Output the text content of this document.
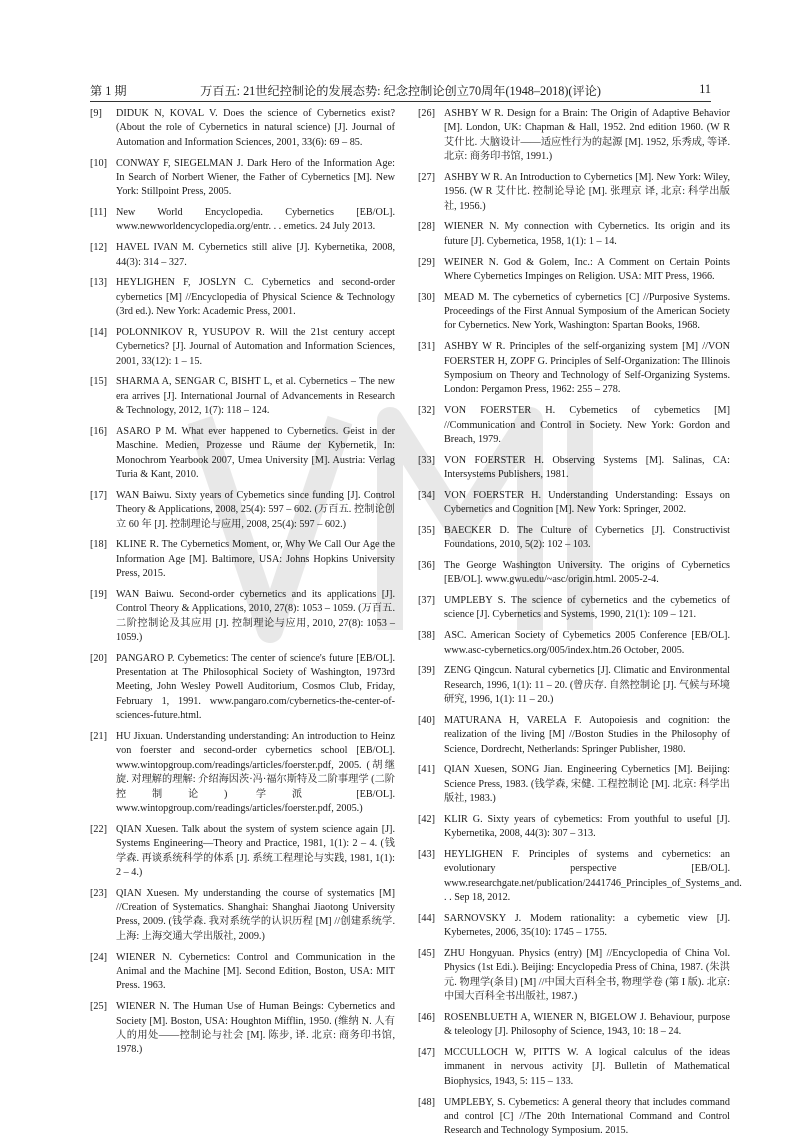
第 1 期	万百五: 21世纪控制论的发展态势: 纪念控制论创立70周年(1948–2018)(评论)	11
[9]	DIDUK N, KOVAL V. Does the science of Cybernetics exist? (About the role of Cybernetics in natural science) [J]. Journal of Automation and Information Sciences, 2001, 33(6): 69 – 85.
[10] CONWAY F, SIEGELMAN J. Dark Hero of the Information Age: In Search of Norbert Wiener, the Father of Cybernetics [M]. New York: Stillpoint Press, 2005.
[11] New World Encyclopedia. Cybernetics [EB/OL]. www.newworldencyclopedia.org/entr. . . emetics. 24 July 2013.
[12] HAVEL IVAN M. Cybernetics still alive [J]. Kybernetika, 2008, 44(3): 314 – 327.
[13] HEYLIGHEN F, JOSLYN C. Cybernetics and second-order cybernetics [M] //Encyclopedia of Physical Science & Technology (3rd ed.). New York: Academic Press, 2001.
[14] POLONNIKOV R, YUSUPOV R. Will the 21st century accept Cybernetics? [J]. Journal of Automation and Information Sciences, 2001, 33(12): 1 – 15.
[15] SHARMA A, SENGAR C, BISHT L, et al. Cybernetics – The new era arrives [J]. International Journal of Advancements in Research & Technology, 2012, 1(7): 118 – 124.
[16] ASARO P M. What ever happened to Cybernetics. Geist in der Maschine. Medien, Prozesse und Räume der Kybernetik, In: Monochrom Yearbook 2007, Umea University [M]. Austria: Verlag Turia & Kant, 2010.
[17] WAN Baiwu. Sixty years of Cybemetics since funding [J]. Control Theory & Applications, 2008, 25(4): 597 – 602. (万百五. 控制论创立 60 年 [J]. 控制理论与应用, 2008, 25(4): 597 – 602.)
[18] KLINE R. The Cybernetics Moment, or, Why We Call Our Age the Information Age [M]. Baltimore, USA: Johns Hopkins University Press, 2015.
[19] WAN Baiwu. Second-order cybernetics and its applications [J]. Control Theory & Applications, 2010, 27(8): 1053 – 1059. (万百五. 二阶控制论及其应用 [J]. 控制理论与应用, 2010, 27(8): 1053 – 1059.)
[20] PANGARO P. Cybemetics: The center of science's future [EB/OL]. Presentation at The Philosophical Society of Washington, 1973rd Meeting, John Wesley Powell Auditorium, Cosmos Club, Friday, February 1, 1991. www.pangaro.com/cybernetics-the-center-of-sciences-future.html.
[21] HU Jixuan. Understanding understanding: An introduction to Heinz von foerster and second-order cybernetics school [EB/OL]. www.wintopgroup.com/readings/articles/foerster.pdf, 2005. (胡继旋. 对理解的理解: 介绍海因茨·冯·福尔斯特及二阶事理学 (二阶控制论) 学派 [EB/OL]. www.wintopgroup.com/readings/articles/foerster.pdf, 2005.)
[22] QIAN Xuesen. Talk about the system of system science again [J]. Systems Engineering—Theory and Practice, 1981, 1(1): 2 – 4. (钱学森. 再谈系统科学的体系 [J]. 系统工程理论与实践, 1981, 1(1): 2 – 4.)
[23] QIAN Xuesen. My understanding the course of systematics [M] //Creation of Systematics. Shanghai: Shanghai Jiaotong University Press, 2009. (钱学森. 我对系统学的认识历程 [M] //创建系统学. 上海: 上海交通大学出版社, 2009.)
[24] WIENER N. Cybernetics: Control and Communication in the Animal and the Machine [M]. Second Edition, Boston, USA: MIT Press. 1963.
[25] WIENER N. The Human Use of Human Beings: Cybernetics and Society [M]. Boston, USA: Houghton Mifflin, 1950. (维纳 N. 人有人的用处——控制论与社会 [M]. 陈步, 译. 北京: 商务印书馆, 1978.)
[26] ASHBY W R. Design for a Brain: The Origin of Adaptive Behavior [M]. London, UK: Chapman & Hall, 1952. 2nd edition 1960. (W R 艾什比. 大脑设计——适应性行为的起源 [M]. 1952, 乐秀成, 等译. 北京: 商务印书馆, 1991.)
[27] ASHBY W R. An Introduction to Cybernetics [M]. New York: Wiley, 1956. (W R 艾什比. 控制论导论 [M]. 张理京 译, 北京: 科学出版社, 1956.)
[28] WIENER N. My connection with Cybernetics. Its origin and its future [J]. Cybernetica, 1958, 1(1): 1 – 14.
[29] WEINER N. God & Golem, Inc.: A Comment on Certain Points Where Cybernetics Impinges on Religion. USA: MIT Press, 1966.
[30] MEAD M. The cybernetics of cybernetics [C] //Purposive Systems. Proceedings of the First Annual Symposium of the American Society for Cybernetics. New York, Washington: Spartan Books, 1968.
[31] ASHBY W R. Principles of the self-organizing system [M] //VON FOERSTER H, ZOPF G. Principles of Self-Organization: The Illinois Symposium on Theory and Technology of Self-Organizing Systems. London: Pergamon Press, 1962: 255 – 278.
[32] VON FOERSTER H. Cybemetics of cybemetics [M] //Communication and Control in Society. New York: Gordon and Breach, 1979.
[33] VON FOERSTER H. Observing Systems [M]. Salinas, CA: Intersystems Publishers, 1981.
[34] VON FOERSTER H. Understanding Understanding: Essays on Cybernetics and Cognition [M]. New York: Springer, 2002.
[35] BAECKER D. The Culture of Cybernetics [J]. Constructivist Foundations, 2010, 5(2): 102 – 103.
[36] The George Washington University. The origins of Cybernetics [EB/OL]. www.gwu.edu/~asc/origin.html. 2005-2-4.
[37] UMPLEBY S. The science of cybernetics and the cybemetics of science [J]. Cybernetics and Systems, 1990, 21(1): 109 – 121.
[38] ASC. American Society of Cybemetics 2005 Conference [EB/OL]. www.asc-cybernetics.org/005/index.htm.26 October, 2005.
[39] ZENG Qingcun. Natural cybernetics [J]. Climatic and Environmental Research, 1996, 1(1): 11 – 20. (曾庆存. 自然控制论 [J]. 气候与环境研究, 1996, 1(1): 11 – 20.)
[40] MATURANA H, VARELA F. Autopoiesis and cognition: the realization of the living [M] //Boston Studies in the Philosophy of Science, Dordrecht, Netherlands: Springer Publisher, 1980.
[41] QIAN Xuesen, SONG Jian. Engineering Cybernetics [M]. Beijing: Science Press, 1983. (钱学森, 宋健. 工程控制论 [M]. 北京: 科学出版社, 1983.)
[42] KLIR G. Sixty years of cybemetics: From youthful to useful [J]. Kybernetika, 2008, 44(3): 307 – 313.
[43] HEYLIGHEN F. Principles of systems and cybernetics: an evolutionary perspective [EB/OL]. www.researchgate.net/publication/2441746_Principles_of_Systems_and. . . Sep 18, 2012.
[44] SARNOVSKY J. Modem rationality: a cybemetic view [J]. Kybernetes, 2006, 35(10): 1745 – 1755.
[45] ZHU Hongyuan. Physics (entry) [M] //Encyclopedia of China Vol. Physics (1st Edi.). Beijing: Encyclopedia Press of China, 1987. (朱洪元. 物理学(条目) [M] //中国大百科全书, 物理学卷 (第 I 版). 北京: 中国大百科全书出版社, 1987.)
[46] ROSENBLUETH A, WIENER N, BIGELOW J. Behaviour, purpose & teleology [J]. Philosophy of Science, 1943, 10: 18 – 24.
[47] MCCULLOCH W, PITTS W. A logical calculus of the ideas immanent in nervous activity [J]. Bulletin of Mathematical Biophysics, 1943, 5: 115 – 133.
[48] UMPLEBY, S. Cybemetics: A general theory that includes command and control [C] //The 20th International Command and Control Research and Technology Symposium. 2015.
